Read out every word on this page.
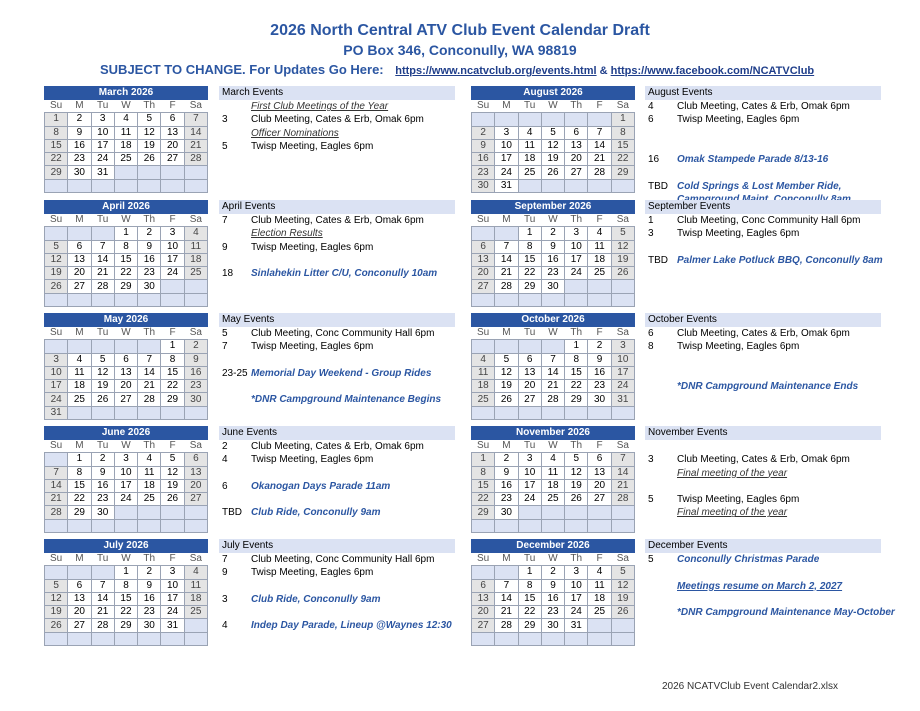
2026 North Central ATV Club Event Calendar Draft
PO Box 346, Conconully, WA 98819
SUBJECT TO CHANGE. For Updates Go Here: https://www.ncatvclub.org/events.html & https://www.facebook.com/NCATVClub
March 2026
Su	M	Tu	W	Th	F	Sa
1	2	3	4	5	6	7
8	9	10	11	12	13	14
15	16	17	18	19	20	21
22	23	24	25	26	27	28
29	30	31				

March Events
First Club Meetings of the Year
3 Club Meeting, Cates & Erb, Omak 6pm
Officer Nominations
5 Twisp Meeting, Eagles 6pm
April 2026
Su	M	Tu	W	Th	F	Sa
			1	2	3	4
5	6	7	8	9	10	11
12	13	14	15	16	17	18
19	20	21	22	23	24	25
26	27	28	29	30		

April Events
7 Club Meeting, Cates & Erb, Omak 6pm
Election Results
9 Twisp Meeting, Eagles 6pm
18 Sinlahekin Litter C/U, Conconully 10am
May 2026
Su	M	Tu	W	Th	F	Sa
					1	2
3	4	5	6	7	8	9
10	11	12	13	14	15	16
17	18	19	20	21	22	23
24	25	26	27	28	29	30
31						
May Events
5 Club Meeting, Conc Community Hall 6pm
7 Twisp Meeting, Eagles 6pm
23-25 Memorial Day Weekend - Group Rides
*DNR Campground Maintenance Begins
June 2026
Su	M	Tu	W	Th	F	Sa
	1	2	3	4	5	6
7	8	9	10	11	12	13
14	15	16	17	18	19	20
21	22	23	24	25	26	27
28	29	30				

June Events
2 Club Meeting, Cates & Erb, Omak 6pm
4 Twisp Meeting, Eagles 6pm
6 Okanogan Days Parade 11am
TBD Club Ride, Conconully 9am
July 2026
Su	M	Tu	W	Th	F	Sa
			1	2	3	4
5	6	7	8	9	10	11
12	13	14	15	16	17	18
19	20	21	22	23	24	25
26	27	28	29	30	31	

July Events
7 Club Meeting, Conc Community Hall 6pm
9 Twisp Meeting, Eagles 6pm
3 Club Ride, Conconully 9am
4 Indep Day Parade, Lineup @Waynes 12:30
August 2026
Su	M	Tu	W	Th	F	Sa
						1
2	3	4	5	6	7	8
9	10	11	12	13	14	15
16	17	18	19	20	21	22
23	24	25	26	27	28	29
30	31					
August Events
4 Club Meeting, Cates & Erb, Omak 6pm
6 Twisp Meeting, Eagles 6pm
16 Omak Stampede Parade 8/13-16
TBD Cold Springs & Lost Member Ride,
September 2026
Su	M	Tu	W	Th	F	Sa
		1	2	3	4	5
6	7	8	9	10	11	12
13	14	15	16	17	18	19
20	21	22	23	24	25	26
27	28	29	30			

September Events
1 Club Meeting, Conc Community Hall 6pm
3 Twisp Meeting, Eagles 6pm
TBD Palmer Lake Potluck BBQ, Conconully 8am
October 2026
Su	M	Tu	W	Th	F	Sa
				1	2	3
4	5	6	7	8	9	10
11	12	13	14	15	16	17
18	19	20	21	22	23	24
25	26	27	28	29	30	31

October Events
6 Club Meeting, Cates & Erb, Omak 6pm
8 Twisp Meeting, Eagles 6pm
*DNR Campground Maintenance Ends
November 2026
Su	M	Tu	W	Th	F	Sa
1	2	3	4	5	6	7
8	9	10	11	12	13	14
15	16	17	18	19	20	21
22	23	24	25	26	27	28
29	30					

November Events
3 Club Meeting, Cates & Erb, Omak 6pm
Final meeting of the year
5 Twisp Meeting, Eagles 6pm
Final meeting of the year
December 2026
Su	M	Tu	W	Th	F	Sa
		1	2	3	4	5
6	7	8	9	10	11	12
13	14	15	16	17	18	19
20	21	22	23	24	25	26
27	28	29	30	31		

December Events
5 Conconully Christmas Parade
Meetings resume on March 2, 2027
*DNR Campground Maintenance May-October
2026 NCATVClub Event Calendar2.xlsx
